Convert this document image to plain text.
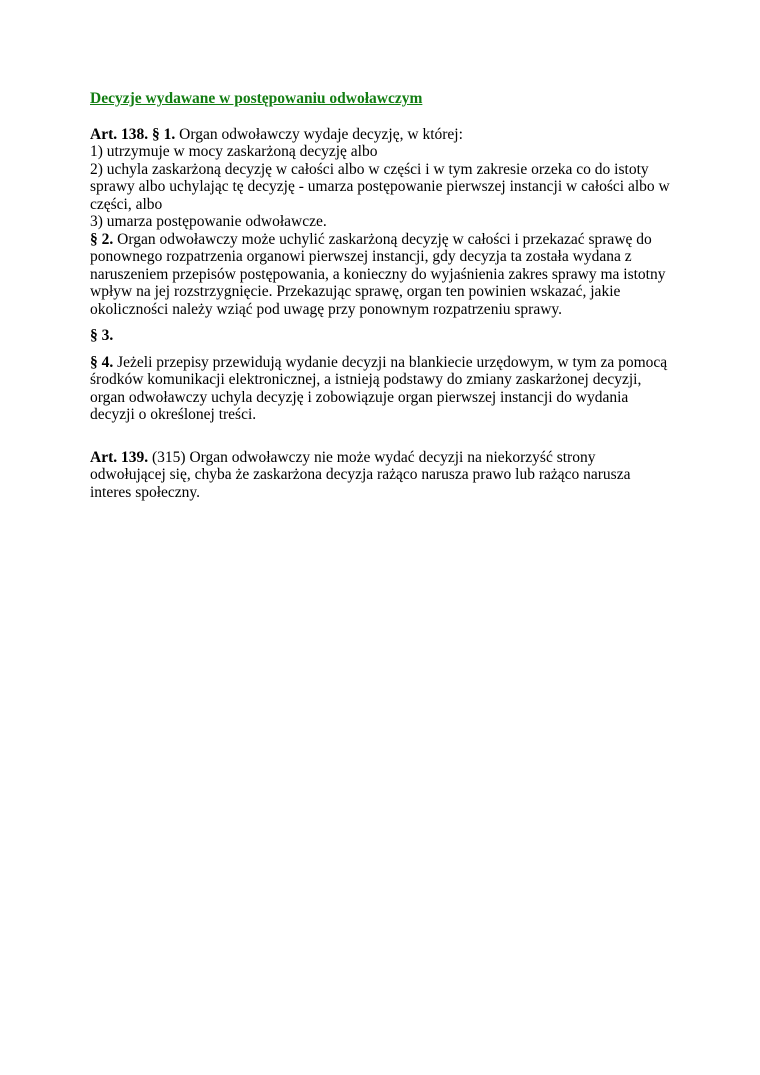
Decyzje wydawane w postępowaniu odwoławczym

Art. 138. § 1. Organ odwoławczy wydaje decyzję, w której:

1) utrzymuje w mocy zaskarżoną decyzję albo

2) uchyla zaskarżoną decyzję w całości albo w części i w tym zakresie orzeka co do istoty sprawy albo uchylając tę decyzję - umarza postępowanie pierwszej instancji w całości albo w części, albo

3) umarza postępowanie odwoławcze.

§ 2. Organ odwoławczy może uchylić zaskarżoną decyzję w całości i przekazać sprawę do ponownego rozpatrzenia organowi pierwszej instancji, gdy decyzja ta została wydana z naruszeniem przepisów postępowania, a konieczny do wyjaśnienia zakres sprawy ma istotny wpływ na jej rozstrzygnięcie. Przekazując sprawę, organ ten powinien wskazać, jakie okoliczności należy wziąć pod uwagę przy ponownym rozpatrzeniu sprawy.

§ 3.

§ 4. Jeżeli przepisy przewidują wydanie decyzji na blankiecie urzędowym, w tym za pomocą środków komunikacji elektronicznej, a istnieją podstawy do zmiany zaskarżonej decyzji, organ odwoławczy uchyla decyzję i zobowiązuje organ pierwszej instancji do wydania decyzji o określonej treści.

Art. 139. (315) Organ odwoławczy nie może wydać decyzji na niekorzyść strony odwołującej się, chyba że zaskarżona decyzja rażąco narusza prawo lub rażąco narusza interes społeczny.
